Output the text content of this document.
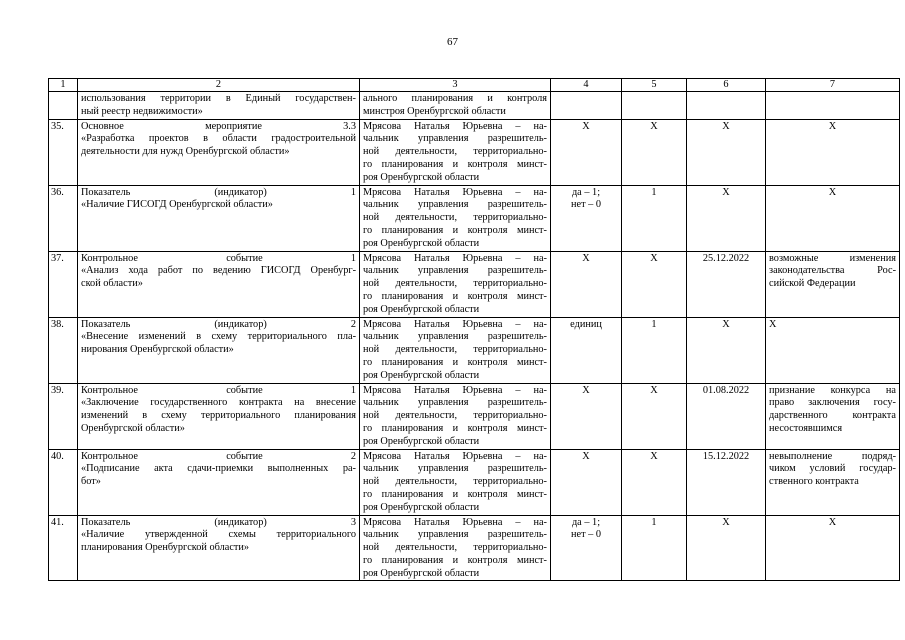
67
1	2	3	4	5	6	7

	использования территории в Единый государствен-
ный реестр недвижимости»	ального планирования и контроля
минстроя Оренбургской области				

35.	Основное мероприятие 3.3
«Разработка проектов в области градостроительной
деятельности для нужд Оренбургской области»	Мрясова Наталья Юрьевна – на-
чальник управления разрешитель-
ной деятельности, территориально-
го планирования и контроля минст-
роя Оренбургской области	X	X	X	X

36.	Показатель (индикатор) 1
«Наличие ГИСОГД Оренбургской области»	Мрясова Наталья Юрьевна – на-
чальник управления разрешитель-
ной деятельности, территориально-
го планирования и контроля минст-
роя Оренбургской области	да – 1;
нет – 0	1	X	X

37.	Контрольное событие 1
«Анализ хода работ по ведению ГИСОГД Оренбург-
ской области»	Мрясова Наталья Юрьевна – на-
чальник управления разрешитель-
ной деятельности, территориально-
го планирования и контроля минст-
роя Оренбургской области	X	X	25.12.2022	возможные изменения
законодательства Рос-
сийской Федерации

38.	Показатель (индикатор) 2
«Внесение изменений в схему территориального пла-
нирования Оренбургской области»	Мрясова Наталья Юрьевна – на-
чальник управления разрешитель-
ной деятельности, территориально-
го планирования и контроля минст-
роя Оренбургской области	единиц	1	X	X

39.	Контрольное событие 1
«Заключение государственного контракта на внесение
изменений в схему территориального планирования
Оренбургской области»	Мрясова Наталья Юрьевна – на-
чальник управления разрешитель-
ной деятельности, территориально-
го планирования и контроля минст-
роя Оренбургской области	X	X	01.08.2022	признание конкурса на
право заключения госу-
дарственного контракта
несостоявшимся

40.	Контрольное событие 2
«Подписание акта сдачи-приемки выполненных ра-
бот»	Мрясова Наталья Юрьевна – на-
чальник управления разрешитель-
ной деятельности, территориально-
го планирования и контроля минст-
роя Оренбургской области	X	X	15.12.2022	невыполнение подряд-
чиком условий государ-
ственного контракта

41.	Показатель (индикатор) 3
«Наличие утвержденной схемы территориального
планирования Оренбургской области»	Мрясова Наталья Юрьевна – на-
чальник управления разрешитель-
ной деятельности, территориально-
го планирования и контроля минст-
роя Оренбургской области	да – 1;
нет – 0	1	X	X
